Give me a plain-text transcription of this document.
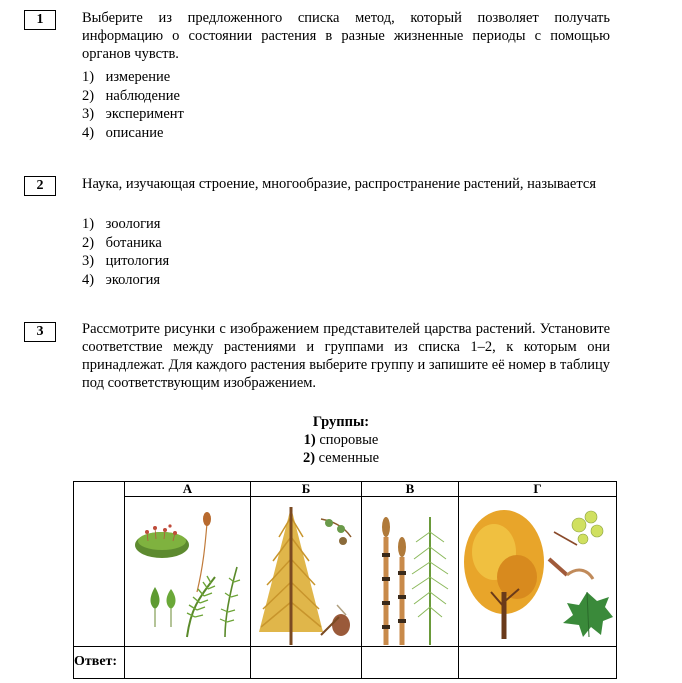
1	Выберите из предложенного списка метод, который позволяет получать информацию о состоянии растения в разные жизненные периоды с помощью органов чувств.
1) измерение
2) наблюдение
3) эксперимент
4) описание
2	Наука, изучающая строение, многообразие, распространение растений, называется
1) зоология
2) ботаника
3) цитология
4) экология
3	Рассмотрите рисунки с изображением представителей царства растений. Установите соответствие между растениями и группами из списка 1–2, к которым они принадлежат. Для каждого растения выберите группу и запишите её номер в таблицу под соответствующим изображением.
Группы:
1) споровые
2) семенные
	А	Б	В	Г

Ответ:				
